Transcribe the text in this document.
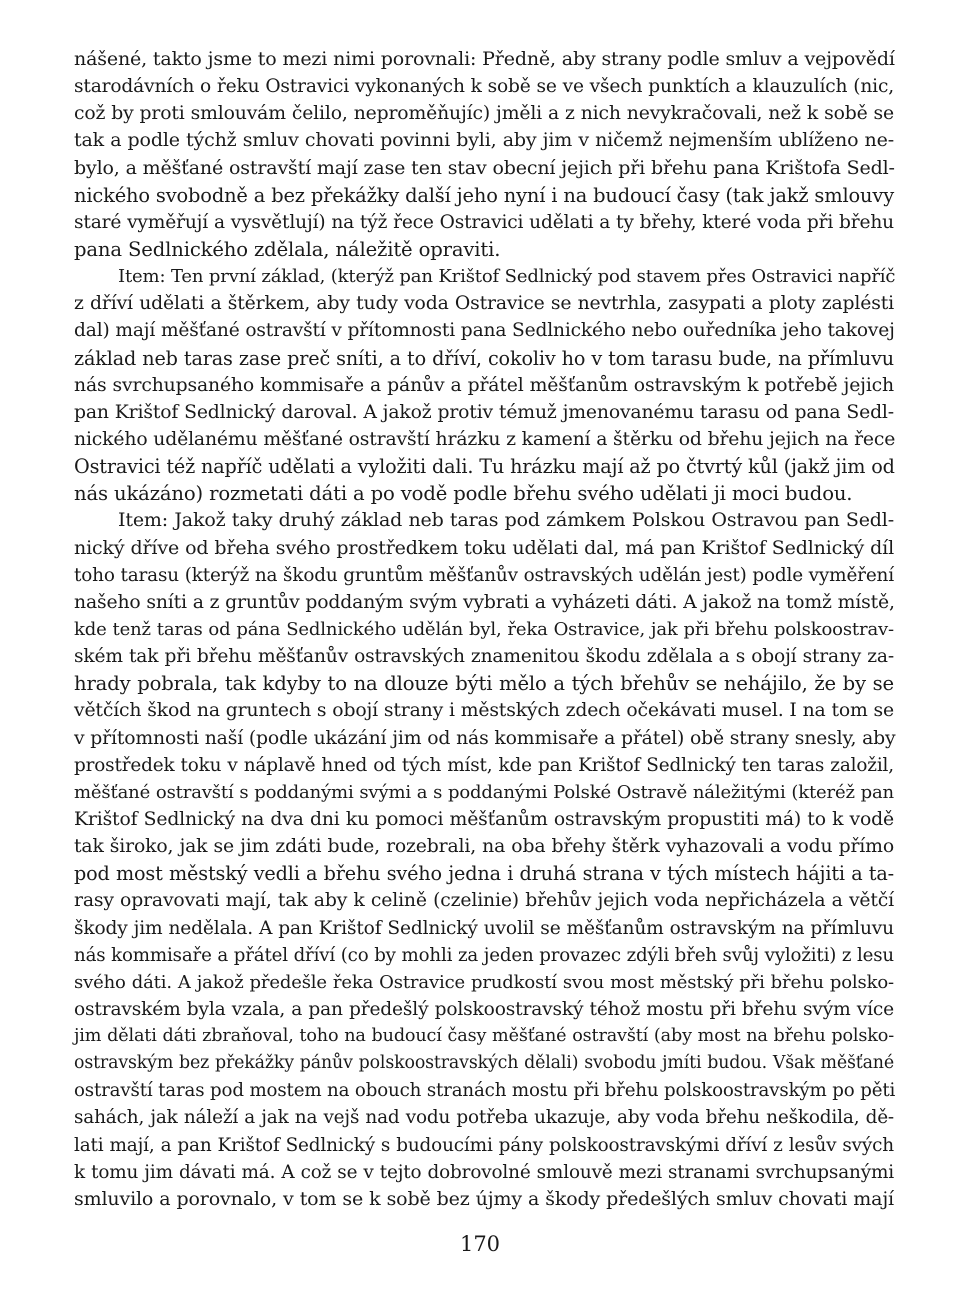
nášené, takto jsme to mezi nimi porovnali: Předně, aby strany podle smluv a vejpovědí
starodávních o řeku Ostravici vykonaných k sobě se ve všech punktích a klauzulích (nic,
což by proti smlouvám čelilo, neproměňujíc) jměli a z nich nevykračovali, než k sobě se
tak a podle týchž smluv chovati povinni byli, aby jim v ničemž nejmenším ublíženo ne-
bylo, a měšťané ostravští mají zase ten stav obecní jejich při břehu pana Krištofa Sedl-
nického svobodně a bez překážky další jeho nyní i na budoucí časy (tak jakž smlouvy
staré vyměřují a vysvětlují) na týž řece Ostravici udělati a ty břehy, které voda při břehu
pana Sedlnického zdělala, náležitě opraviti.
Item: Ten první základ, (kterýž pan Krištof Sedlnický pod stavem přes Ostravici napříč
z dříví udělati a štěrkem, aby tudy voda Ostravice se nevtrhla, zasypati a ploty zaplésti
dal) mají měšťané ostravští v přítomnosti pana Sedlnického nebo ouředníka jeho takovej
základ neb taras zase preč sníti, a to dříví, cokoliv ho v tom tarasu bude, na přímluvu
nás svrchupsaného kommisaře a pánův a přátel měšťanům ostravským k potřebě jejich
pan Krištof Sedlnický daroval. A jakož protiv témuž jmenovanému tarasu od pana Sedl-
nického udělanému měšťané ostravští hrázku z kamení a štěrku od břehu jejich na řece
Ostravici též napříč udělati a vyložiti dali. Tu hrázku mají až po čtvrtý kůl (jakž jim od
nás ukázáno) rozmetati dáti a po vodě podle břehu svého udělati ji moci budou.
Item: Jakož taky druhý základ neb taras pod zámkem Polskou Ostravou pan Sedl-
nický dříve od břeha svého prostředkem toku udělati dal, má pan Krištof Sedlnický díl
toho tarasu (kterýž na škodu gruntům měšťanův ostravských udělán jest) podle vyměření
našeho sníti a z gruntův poddaným svým vybrati a vyházeti dáti. A jakož na tomž místě,
kde tenž taras od pána Sedlnického udělán byl, řeka Ostravice, jak při břehu polskoostrav-
ském tak při břehu měšťanův ostravských znamenitou škodu zdělala a s obojí strany za-
hrady pobrala, tak kdyby to na dlouze býti mělo a tých břehův se nehájilo, že by se
větčích škod na gruntech s obojí strany i městských zdech očekávati musel. I na tom se
v přítomnosti naší (podle ukázání jim od nás kommisaře a přátel) obě strany snesly, aby
prostředek toku v náplavě hned od tých míst, kde pan Krištof Sedlnický ten taras založil,
měšťané ostravští s poddanými svými a s poddanými Polské Ostravě náležitými (kteréž pan
Krištof Sedlnický na dva dni ku pomoci měšťanům ostravským propustiti má) to k vodě
tak široko, jak se jim zdáti bude, rozebrali, na oba břehy štěrk vyhazovali a vodu přímo
pod most městský vedli a břehu svého jedna i druhá strana v tých místech hájiti a ta-
rasy opravovati mají, tak aby k celině (czelinie) břehův jejich voda nepřicházela a větčí
škody jim nedělala. A pan Krištof Sedlnický uvolil se měšťanům ostravským na přímluvu
nás kommisaře a přátel dříví (co by mohli za jeden provazec zdýli břeh svůj vyložiti) z lesu
svého dáti. A jakož předešle řeka Ostravice prudkostí svou most městský při břehu polsko-
ostravském byla vzala, a pan předešlý polskoostravský téhož mostu při břehu svým více
jim dělati dáti zbraňoval, toho na budoucí časy měšťané ostravští (aby most na břehu polsko-
ostravským bez překážky pánův polskoostravských dělali) svobodu jmíti budou. Však měšťané
ostravští taras pod mostem na obouch stranách mostu při břehu polskoostravským po pěti
sahách, jak náleží a jak na vejš nad vodu potřeba ukazuje, aby voda břehu neškodila, dě-
lati mají, a pan Krištof Sedlnický s budoucími pány polskoostravskými dříví z lesův svých
k tomu jim dávati má. A což se v tejto dobrovolné smlouvě mezi stranami svrchupsanými
smluvilo a porovnalo, v tom se k sobě bez újmy a škody předešlých smluv chovati mají
170
